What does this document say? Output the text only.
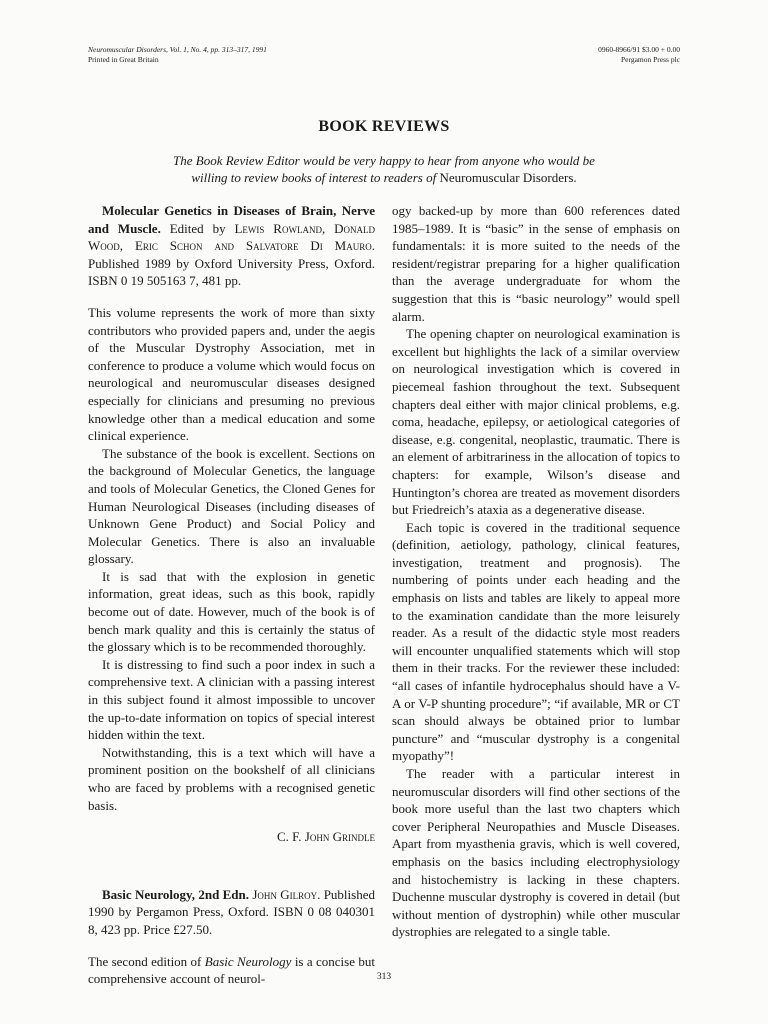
Neuromuscular Disorders, Vol. 1, No. 4, pp. 313–317, 1991
Printed in Great Britain
0960-8966/91 $3.00 + 0.00
Pergamon Press plc
BOOK REVIEWS
The Book Review Editor would be very happy to hear from anyone who would be
willing to review books of interest to readers of Neuromuscular Disorders.

Molecular Genetics in Diseases of Brain, Nerve and Muscle. Edited by Lewis Rowland, Donald Wood, Eric Schon and Salvatore Di Mauro. Published 1989 by Oxford University Press, Oxford. ISBN 0 19 505163 7, 481 pp.

This volume represents the work of more than sixty contributors who provided papers and, under the aegis of the Muscular Dystrophy Association, met in conference to produce a volume which would focus on neurological and neuromuscular diseases designed especially for clinicians and presuming no previous knowledge other than a medical education and some clinical experience.

The substance of the book is excellent. Sections on the background of Molecular Genetics, the language and tools of Molecular Genetics, the Cloned Genes for Human Neurological Diseases (including diseases of Unknown Gene Product) and Social Policy and Molecular Genetics. There is also an invaluable glossary.

It is sad that with the explosion in genetic information, great ideas, such as this book, rapidly become out of date. However, much of the book is of bench mark quality and this is certainly the status of the glossary which is to be recommended thoroughly.

It is distressing to find such a poor index in such a comprehensive text. A clinician with a passing interest in this subject found it almost impossible to uncover the up-to-date information on topics of special interest hidden within the text.

Notwithstanding, this is a text which will have a prominent position on the bookshelf of all clinicians who are faced by problems with a recognised genetic basis.

C. F. John Grindle

Basic Neurology, 2nd Edn. John Gilroy. Published 1990 by Pergamon Press, Oxford. ISBN 0 08 040301 8, 423 pp. Price £27.50.

The second edition of Basic Neurology is a concise but comprehensive account of neurol-

ogy backed-up by more than 600 references dated 1985–1989. It is “basic” in the sense of emphasis on fundamentals: it is more suited to the needs of the resident/registrar preparing for a higher qualification than the average undergraduate for whom the suggestion that this is “basic neurology” would spell alarm.

The opening chapter on neurological examination is excellent but highlights the lack of a similar overview on neurological investigation which is covered in piecemeal fashion throughout the text. Subsequent chapters deal either with major clinical problems, e.g. coma, headache, epilepsy, or aetiological categories of disease, e.g. congenital, neoplastic, traumatic. There is an element of arbitrariness in the allocation of topics to chapters: for example, Wilson’s disease and Huntington’s chorea are treated as movement disorders but Friedreich’s ataxia as a degenerative disease.

Each topic is covered in the traditional sequence (definition, aetiology, pathology, clinical features, investigation, treatment and prognosis). The numbering of points under each heading and the emphasis on lists and tables are likely to appeal more to the examination candidate than the more leisurely reader. As a result of the didactic style most readers will encounter unqualified statements which will stop them in their tracks. For the reviewer these included: “all cases of infantile hydrocephalus should have a V-A or V-P shunting procedure”; “if available, MR or CT scan should always be obtained prior to lumbar puncture” and “muscular dystrophy is a congenital myopathy”!

The reader with a particular interest in neuromuscular disorders will find other sections of the book more useful than the last two chapters which cover Peripheral Neuropathies and Muscle Diseases. Apart from myasthenia gravis, which is well covered, emphasis on the basics including electrophysiology and histochemistry is lacking in these chapters. Duchenne muscular dystrophy is covered in detail (but without mention of dystrophin) while other muscular dystrophies are relegated to a single table.

313
